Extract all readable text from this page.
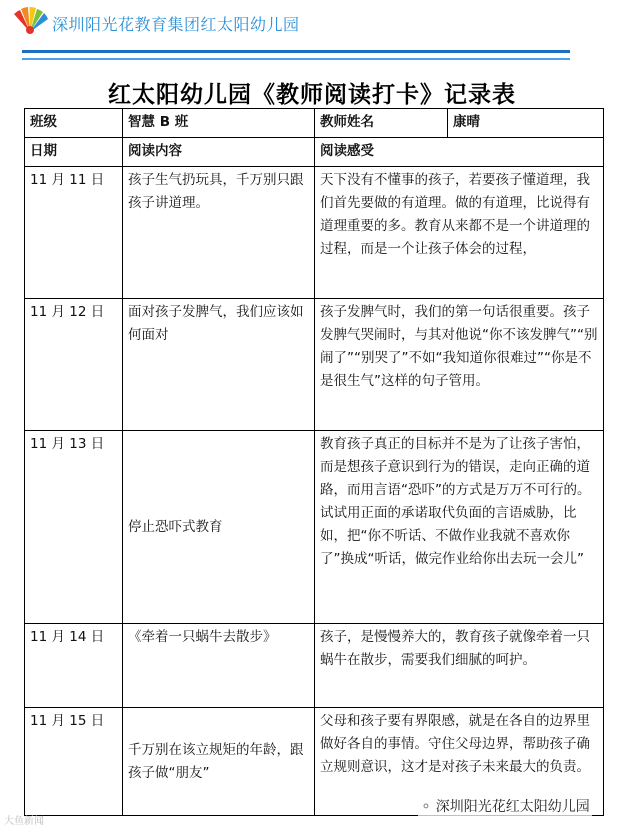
深圳阳光花教育集团红太阳幼儿园
红太阳幼儿园《教师阅读打卡》记录表
班级	智慧 B 班	教师姓名	康晴
日期	阅读内容	阅读感受	
11 月 11 日	孩子生气扔玩具，千万别只跟孩子讲道理。	天下没有不懂事的孩子，若要孩子懂道理，我们首先要做的有道理。做的有道理，比说得有道理重要的多。教育从来都不是一个讲道理的过程，而是一个让孩子体会的过程，	
11 月 12 日	面对孩子发脾气，我们应该如何面对	孩子发脾气时，我们的第一句话很重要。孩子发脾气哭闹时，与其对他说“你不该发脾气”“别闹了”“别哭了”不如“我知道你很难过”“你是不是很生气”这样的句子管用。	
11 月 13 日	停止恐吓式教育	教育孩子真正的目标并不是为了让孩子害怕，而是想孩子意识到行为的错误，走向正确的道路，而用言语“恐吓”的方式是万万不可行的。试试用正面的承诺取代负面的言语威胁，比如，把“你不听话、不做作业我就不喜欢你了”换成“听话，做完作业给你出去玩一会儿”	
11 月 14 日	《牵着一只蜗牛去散步》	孩子，是慢慢养大的，教育孩子就像牵着一只蜗牛在散步，需要我们细腻的呵护。	
11 月 15 日	千万别在该立规矩的年龄，跟孩子做“朋友”	父母和孩子要有界限感，就是在各自的边界里做好各自的事情。守住父母边界，帮助孩子确立规则意识，这才是对孩子未来最大的负责。	
大鱼新闻
⚬ 深圳阳光花红太阳幼儿园
